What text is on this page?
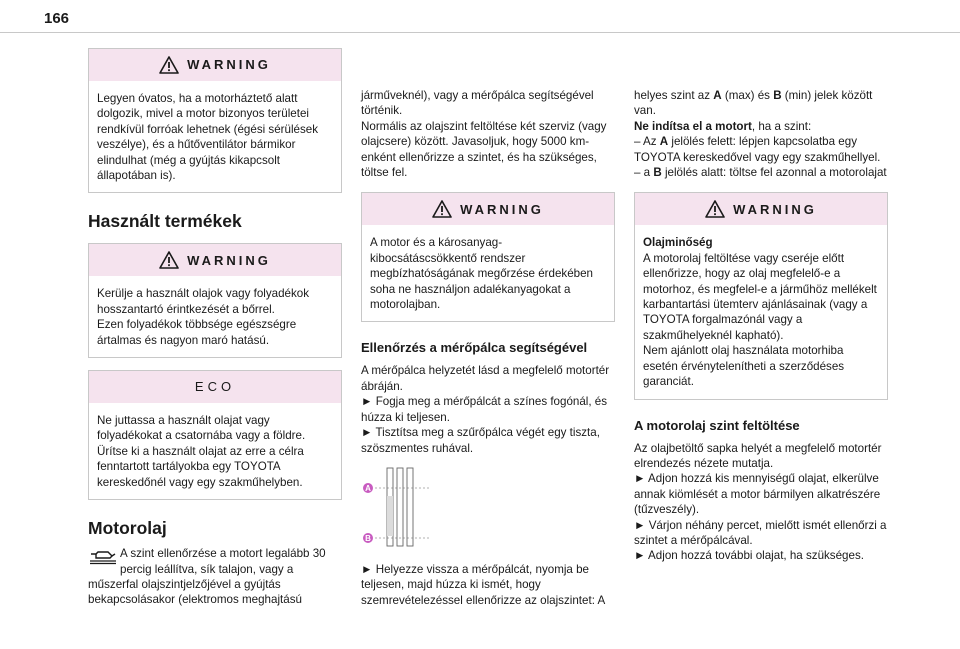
166
WARNING

Legyen óvatos, ha a motorháztető alatt dolgozik, mivel a motor bizonyos területei rendkívül forróak lehetnek (égési sérülések veszélye), és a hűtőventilátor bármikor elindulhat (még a gyújtás kikapcsolt állapotában is).

Használt termékek
WARNING

Kerülje a használt olajok vagy folyadékok hosszantartó érintkezését a bőrrel.
Ezen folyadékok többsége egészségre ártalmas és nagyon maró hatású.

ECO

Ne juttassa a használt olajat vagy folyadékokat a csatornába vagy a földre.
Ürítse ki a használt olajat az erre a célra fenntartott tartályokba egy TOYOTA kereskedőnél vagy egy szakműhelyben.

Motorolaj

A szint ellenőrzése a motort legalább 30 percig leállítva, sík talajon, vagy a műszerfal olajszintjelzőjével a gyújtás bekapcsolásakor (elektromos meghajtású

járműveknél), vagy a mérőpálca segítségével történik.
Normális az olajszint feltöltése két szerviz (vagy olajcsere) között. Javasoljuk, hogy 5000 km-enként ellenőrizze a szintet, és ha szükséges, töltse fel.

WARNING

A motor és a károsanyag-kibocsátáscsökkentő rendszer megbízhatóságának megőrzése érdekében soha ne használjon adalékanyagokat a motorolajban.

Ellenőrzés a mérőpálca segítségével

A mérőpálca helyzetét lásd a megfelelő motortér ábráján.
► Fogja meg a mérőpálcát a színes fogónál, és húzza ki teljesen.
► Tisztítsa meg a szűrőpálca végét egy tiszta, szöszmentes ruhával.

A
B

► Helyezze vissza a mérőpálcát, nyomja be teljesen, majd húzza ki ismét, hogy szemrevételezéssel ellenőrizze az olajszintet: A

helyes szint az A (max) és B (min) jelek között van.
Ne indítsa el a motort, ha a szint:
– Az A jelölés felett: lépjen kapcsolatba egy TOYOTA kereskedővel vagy egy szakműhellyel.
– a B jelölés alatt: töltse fel azonnal a motorolajat

WARNING

Olajminőség

A motorolaj feltöltése vagy cseréje előtt ellenőrizze, hogy az olaj megfelelő-e a motorhoz, és megfelel-e a járműhöz mellékelt karbantartási ütemterv ajánlásainak (vagy a TOYOTA forgalmazónál vagy a szakműhelyeknél kapható).
Nem ajánlott olaj használata motorhiba esetén érvénytelenítheti a szerződéses garanciát.

A motorolaj szint feltöltése

Az olajbetöltő sapka helyét a megfelelő motortér elrendezés nézete mutatja.
► Adjon hozzá kis mennyiségű olajat, elkerülve annak kiömlését a motor bármilyen alkatrészére (tűzveszély).
► Várjon néhány percet, mielőtt ismét ellenőrzi a szintet a mérőpálcával.
► Adjon hozzá további olajat, ha szükséges.
